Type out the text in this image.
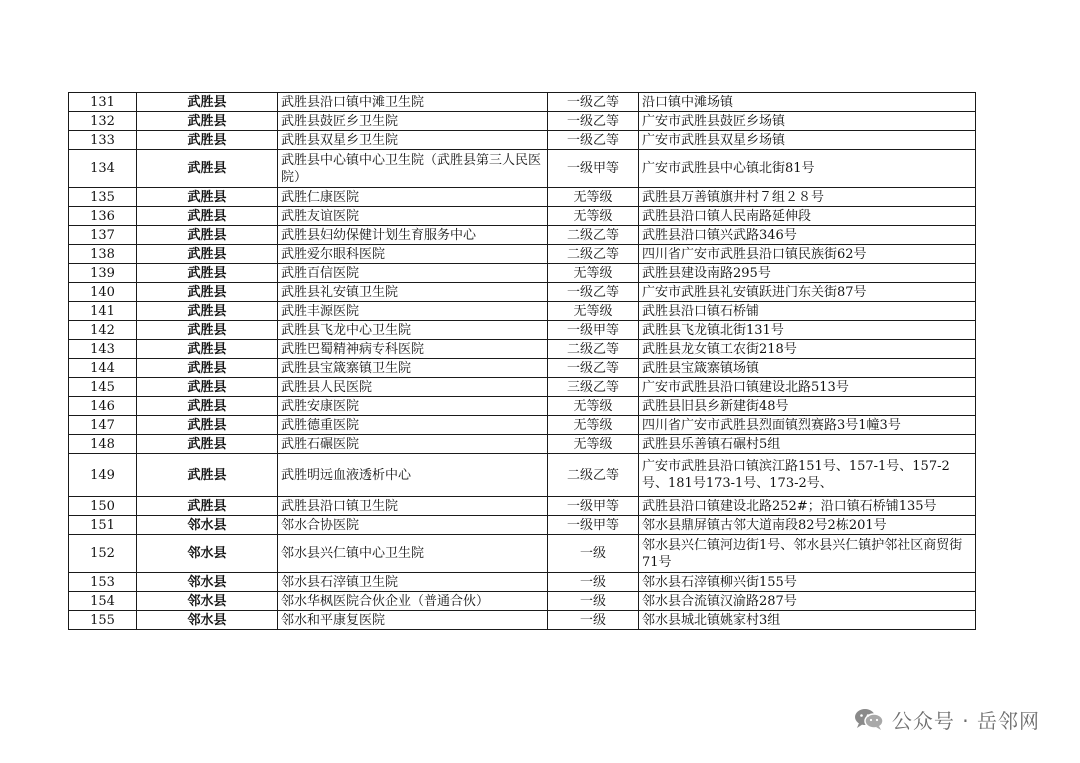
131	武胜县	武胜县沿口镇中滩卫生院	一级乙等	沿口镇中滩场镇
132	武胜县	武胜县鼓匠乡卫生院	一级乙等	广安市武胜县鼓匠乡场镇
133	武胜县	武胜县双星乡卫生院	一级乙等	广安市武胜县双星乡场镇
134	武胜县	武胜县中心镇中心卫生院（武胜县第三人民医院）	一级甲等	广安市武胜县中心镇北街81号
135	武胜县	武胜仁康医院	无等级	武胜县万善镇旗井村７组２８号
136	武胜县	武胜友谊医院	无等级	武胜县沿口镇人民南路延伸段
137	武胜县	武胜县妇幼保健计划生育服务中心	二级乙等	武胜县沿口镇兴武路346号
138	武胜县	武胜爱尔眼科医院	二级乙等	四川省广安市武胜县沿口镇民族街62号
139	武胜县	武胜百信医院	无等级	武胜县建设南路295号
140	武胜县	武胜县礼安镇卫生院	一级乙等	广安市武胜县礼安镇跃进门东关街87号
141	武胜县	武胜丰源医院	无等级	武胜县沿口镇石桥铺
142	武胜县	武胜县飞龙中心卫生院	一级甲等	武胜县飞龙镇北街131号
143	武胜县	武胜巴蜀精神病专科医院	二级乙等	武胜县龙女镇工农街218号
144	武胜县	武胜县宝箴寨镇卫生院	一级乙等	武胜县宝箴寨镇场镇
145	武胜县	武胜县人民医院	三级乙等	广安市武胜县沿口镇建设北路513号
146	武胜县	武胜安康医院	无等级	武胜县旧县乡新建街48号
147	武胜县	武胜德重医院	无等级	四川省广安市武胜县烈面镇烈赛路3号1幢3号
148	武胜县	武胜石碾医院	无等级	武胜县乐善镇石碾村5组
149	武胜县	武胜明远血液透析中心	二级乙等	广安市武胜县沿口镇滨江路151号、157-1号、157-2号、181号173-1号、173-2号、
150	武胜县	武胜县沿口镇卫生院	一级甲等	武胜县沿口镇建设北路252#；沿口镇石桥铺135号
151	邻水县	邻水合协医院	一级甲等	邻水县鼎屏镇古邻大道南段82号2栋201号
152	邻水县	邻水县兴仁镇中心卫生院	一级	邻水县兴仁镇河边街1号、邻水县兴仁镇护邻社区商贸街71号
153	邻水县	邻水县石滓镇卫生院	一级	邻水县石滓镇柳兴街155号
154	邻水县	邻水华枫医院合伙企业（普通合伙）	一级	邻水县合流镇汉渝路287号
155	邻水县	邻水和平康复医院	一级	邻水县城北镇姚家村3组
公众号 · 岳邻网
